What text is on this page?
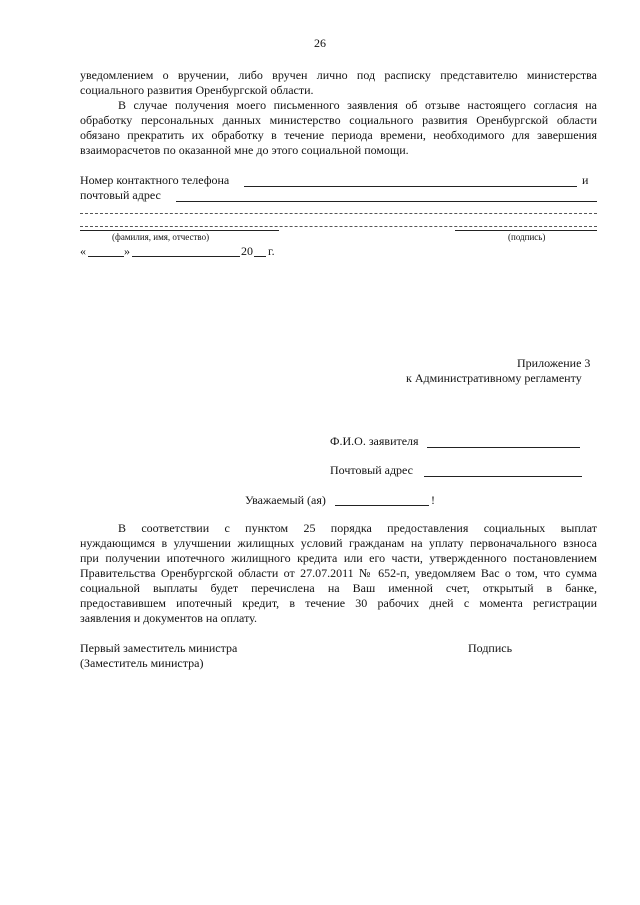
26
уведомлением о вручении, либо вручен лично под расписку представителю министерства
социального развития Оренбургской области.
В случае получения моего письменного заявления об отзыве настоящего согласия на
обработку персональных данных министерство социального развития Оренбургской области
обязано прекратить их обработку в течение периода времени, необходимого для завершения
взаиморасчетов по оказанной мне до этого социальной помощи.
Номер контактного телефона	и
почтовый адрес
(фамилия, имя, отчество)	(подпись)
«	»	20 г.
Приложение 3
к Административному регламенту
Ф.И.О. заявителя
Почтовый адрес
Уважаемый (ая)	!
В соответствии с пунктом 25 порядка предоставления социальных выплат
нуждающимся в улучшении жилищных условий гражданам на уплату первоначального взноса
при получении ипотечного жилищного кредита или его части, утвержденного постановлением
Правительства Оренбургской области от 27.07.2011 № 652-п, уведомляем Вас о том, что сумма
социальной выплаты будет перечислена на Ваш именной счет, открытый в банке,
предоставившем ипотечный кредит, в течение 30 рабочих дней с момента регистрации
заявления и документов на оплату.
Первый заместитель министра
(Заместитель министра)
Подпись
